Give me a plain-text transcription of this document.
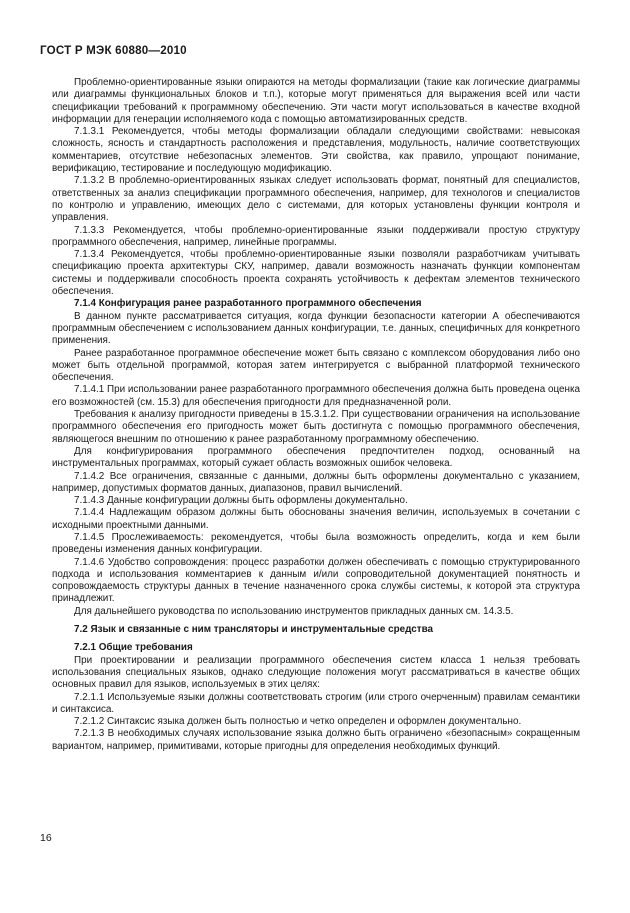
ГОСТ Р МЭК 60880—2010

Проблемно-ориентированные языки опираются на методы формализации (такие как логические диаграммы или диаграммы функциональных блоков и т.п.), которые могут применяться для выражения всей или части спецификации требований к программному обеспечению. Эти части могут использоваться в качестве входной информации для генерации исполняемого кода с помощью автоматизированных средств.

7.1.3.1 Рекомендуется, чтобы методы формализации обладали следующими свойствами: невысокая сложность, ясность и стандартность расположения и представления, модульность, наличие соответствующих комментариев, отсутствие небезопасных элементов. Эти свойства, как правило, упрощают понимание, верификацию, тестирование и последующую модификацию.

7.1.3.2 В проблемно-ориентированных языках следует использовать формат, понятный для специалистов, ответственных за анализ спецификации программного обеспечения, например, для технологов и специалистов по контролю и управлению, имеющих дело с системами, для которых установлены функции контроля и управления.

7.1.3.3 Рекомендуется, чтобы проблемно-ориентированные языки поддерживали простую структуру программного обеспечения, например, линейные программы.

7.1.3.4 Рекомендуется, чтобы проблемно-ориентированные языки позволяли разработчикам учитывать спецификацию проекта архитектуры СКУ, например, давали возможность назначать функции компонентам системы и поддерживали способность проекта сохранять устойчивость к дефектам элементов технического обеспечения.

7.1.4 Конфигурация ранее разработанного программного обеспечения

В данном пункте рассматривается ситуация, когда функции безопасности категории А обеспечиваются программным обеспечением с использованием данных конфигурации, т.е. данных, специфичных для конкретного применения.

Ранее разработанное программное обеспечение может быть связано с комплексом оборудования либо оно может быть отдельной программой, которая затем интегрируется с выбранной платформой технического обеспечения.

7.1.4.1 При использовании ранее разработанного программного обеспечения должна быть проведена оценка его возможностей (см. 15.3) для обеспечения пригодности для предназначенной роли.

Требования к анализу пригодности приведены в 15.3.1.2. При существовании ограничения на использование программного обеспечения его пригодность может быть достигнута с помощью программного обеспечения, являющегося внешним по отношению к ранее разработанному программному обеспечению.

Для конфигурирования программного обеспечения предпочтителен подход, основанный на инструментальных программах, который сужает область возможных ошибок человека.

7.1.4.2 Все ограничения, связанные с данными, должны быть оформлены документально с указанием, например, допустимых форматов данных, диапазонов, правил вычислений.

7.1.4.3 Данные конфигурации должны быть оформлены документально.

7.1.4.4 Надлежащим образом должны быть обоснованы значения величин, используемых в сочетании с исходными проектными данными.

7.1.4.5 Прослеживаемость: рекомендуется, чтобы была возможность определить, когда и кем были проведены изменения данных конфигурации.

7.1.4.6 Удобство сопровождения: процесс разработки должен обеспечивать с помощью структурированного подхода и использования комментариев к данным и/или сопроводительной документацией понятность и сопровождаемость структуры данных в течение назначенного срока службы системы, к которой эта структура принадлежит.

Для дальнейшего руководства по использованию инструментов прикладных данных см. 14.3.5.

7.2 Язык и связанные с ним трансляторы и инструментальные средства

7.2.1 Общие требования

При проектировании и реализации программного обеспечения систем класса 1 нельзя требовать использования специальных языков, однако следующие положения могут рассматриваться в качестве общих основных правил для языков, используемых в этих целях:

7.2.1.1 Используемые языки должны соответствовать строгим (или строго очерченным) правилам семантики и синтаксиса.

7.2.1.2 Синтаксис языка должен быть полностью и четко определен и оформлен документально.

7.2.1.3 В необходимых случаях использование языка должно быть ограничено «безопасным» сокращенным вариантом, например, примитивами, которые пригодны для определения необходимых функций.

16
